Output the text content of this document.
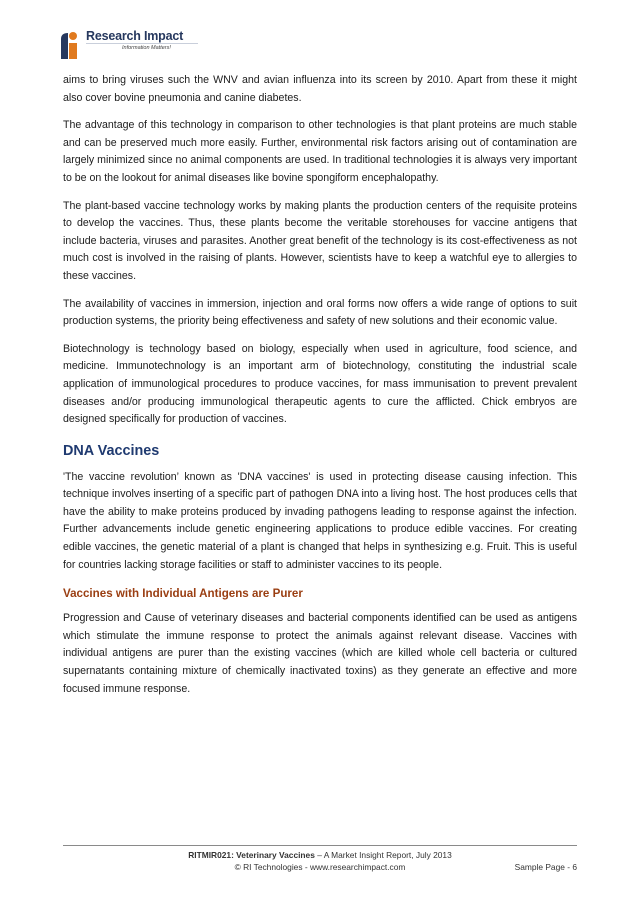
Research Impact
Information Matters!

aims to bring viruses such the WNV and avian influenza into its screen by 2010. Apart from these it might also cover bovine pneumonia and canine diabetes.

The advantage of this technology in comparison to other technologies is that plant proteins are much stable and can be preserved much more easily. Further, environmental risk factors arising out of contamination are largely minimized since no animal components are used. In traditional technologies it is always very important to be on the lookout for animal diseases like bovine spongiform encephalopathy.

The plant-based vaccine technology works by making plants the production centers of the requisite proteins to develop the vaccines. Thus, these plants become the veritable storehouses for vaccine antigens that include bacteria, viruses and parasites. Another great benefit of the technology is its cost-effectiveness as not much cost is involved in the raising of plants. However, scientists have to keep a watchful eye to allergies to these vaccines.

The availability of vaccines in immersion, injection and oral forms now offers a wide range of options to suit production systems, the priority being effectiveness and safety of new solutions and their economic value.

Biotechnology is technology based on biology, especially when used in agriculture, food science, and medicine. Immunotechnology is an important arm of biotechnology, constituting the industrial scale application of immunological procedures to produce vaccines, for mass immunisation to prevent prevalent diseases and/or producing immunological therapeutic agents to cure the afflicted. Chick embryos are designed specifically for production of vaccines.

DNA Vaccines

'The vaccine revolution’ known as 'DNA vaccines' is used in protecting disease causing infection. This technique involves inserting of a specific part of pathogen DNA into a living host. The host produces cells that have the ability to make proteins produced by invading pathogens leading to response against the infection. Further advancements include genetic engineering applications to produce edible vaccines. For creating edible vaccines, the genetic material of a plant is changed that helps in synthesizing e.g. Fruit. This is useful for countries lacking storage facilities or staff to administer vaccines to its people.

Vaccines with Individual Antigens are Purer

Progression and Cause of veterinary diseases and bacterial components identified can be used as antigens which stimulate the immune response to protect the animals against relevant disease. Vaccines with individual antigens are purer than the existing vaccines (which are killed whole cell bacteria or cultured supernatants containing mixture of chemically inactivated toxins) as they generate an effective and more focused immune response.

RITMIR021: Veterinary Vaccines – A Market Insight Report, July 2013
© RI Technologies - www.researchimpact.com	Sample Page - 6
